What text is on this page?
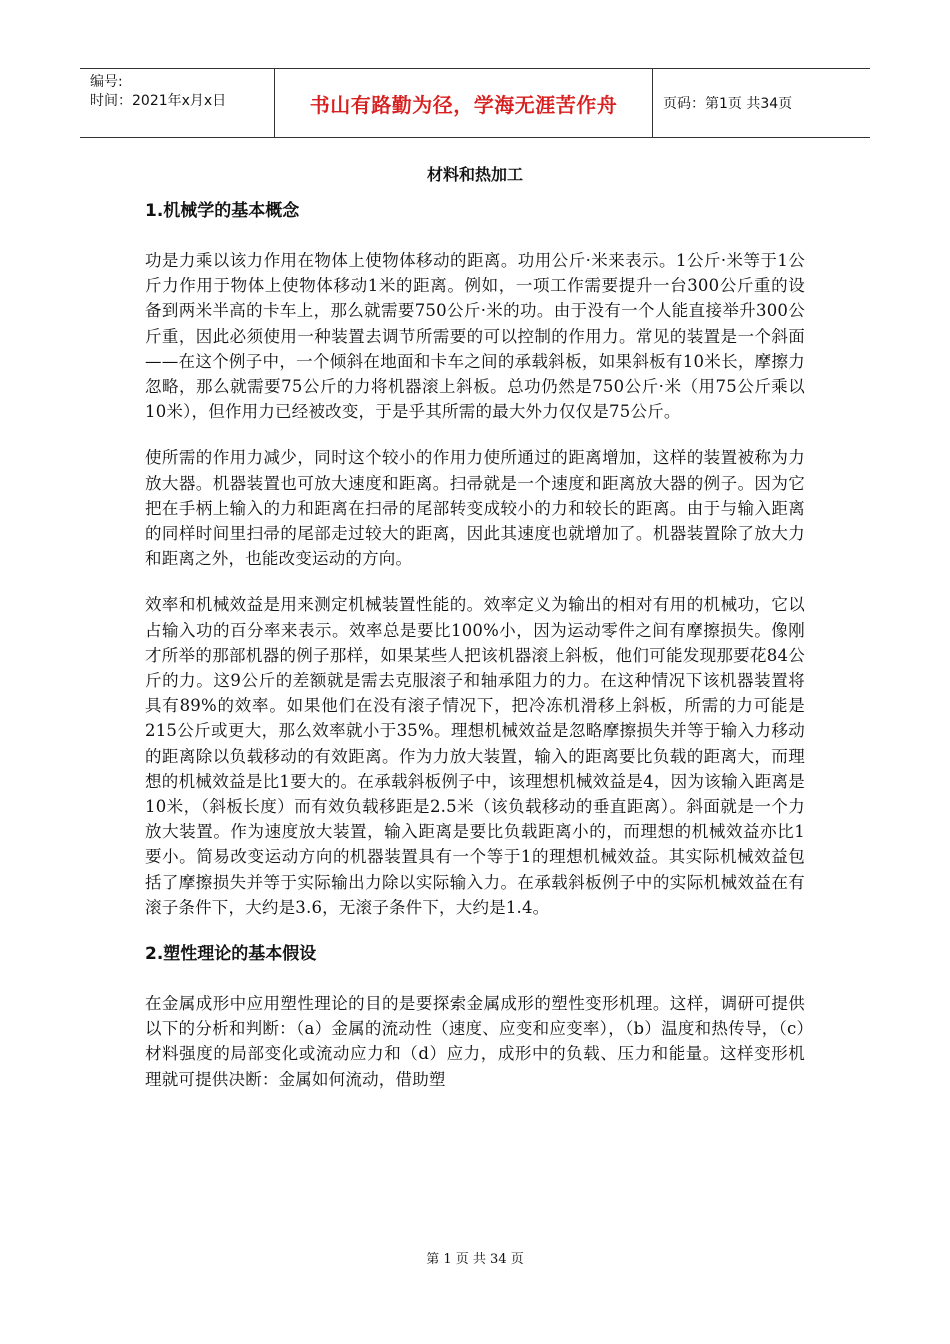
编号:
时间：2021年x月x日	书山有路勤为径，学海无涯苦作舟	页码：第1页 共34页
材料和热加工
1.机械学的基本概念

功是力乘以该力作用在物体上使物体移动的距离。功用公斤·米来表示。1公斤·米等于1公斤力作用于物体上使物体移动1米的距离。例如，一项工作需要提升一台300公斤重的设备到两米半高的卡车上，那么就需要750公斤·米的功。由于没有一个人能直接举升300公斤重，因此必须使用一种装置去调节所需要的可以控制的作用力。常见的装置是一个斜面——在这个例子中，一个倾斜在地面和卡车之间的承载斜板，如果斜板有10米长，摩擦力忽略，那么就需要75公斤的力将机器滚上斜板。总功仍然是750公斤·米（用75公斤乘以10米），但作用力已经被改变，于是乎其所需的最大外力仅仅是75公斤。

使所需的作用力减少，同时这个较小的作用力使所通过的距离增加，这样的装置被称为力放大器。机器装置也可放大速度和距离。扫帚就是一个速度和距离放大器的例子。因为它把在手柄上输入的力和距离在扫帚的尾部转变成较小的力和较长的距离。由于与输入距离的同样时间里扫帚的尾部走过较大的距离，因此其速度也就增加了。机器装置除了放大力和距离之外，也能改变运动的方向。

效率和机械效益是用来测定机械装置性能的。效率定义为输出的相对有用的机械功，它以占输入功的百分率来表示。效率总是要比100%小，因为运动零件之间有摩擦损失。像刚才所举的那部机器的例子那样，如果某些人把该机器滚上斜板，他们可能发现那要花84公斤的力。这9公斤的差额就是需去克服滚子和轴承阻力的力。在这种情况下该机器装置将具有89%的效率。如果他们在没有滚子情况下，把冷冻机滑移上斜板，所需的力可能是215公斤或更大，那么效率就小于35%。理想机械效益是忽略摩擦损失并等于输入力移动的距离除以负载移动的有效距离。作为力放大装置，输入的距离要比负载的距离大，而理想的机械效益是比1要大的。在承载斜板例子中，该理想机械效益是4，因为该输入距离是10米，（斜板长度）而有效负载移距是2.5米（该负载移动的垂直距离）。斜面就是一个力放大装置。作为速度放大装置，输入距离是要比负载距离小的，而理想的机械效益亦比1要小。简易改变运动方向的机器装置具有一个等于1的理想机械效益。其实际机械效益包括了摩擦损失并等于实际输出力除以实际输入力。在承载斜板例子中的实际机械效益在有滚子条件下，大约是3.6，无滚子条件下，大约是1.4。

2.塑性理论的基本假设

在金属成形中应用塑性理论的目的是要探索金属成形的塑性变形机理。这样，调研可提供以下的分析和判断：（a）金属的流动性（速度、应变和应变率），（b）温度和热传导，（c）材料强度的局部变化或流动应力和（d）应力，成形中的负载、压力和能量。这样变形机理就可提供决断：金属如何流动，借助塑

第 1 页 共 34 页
